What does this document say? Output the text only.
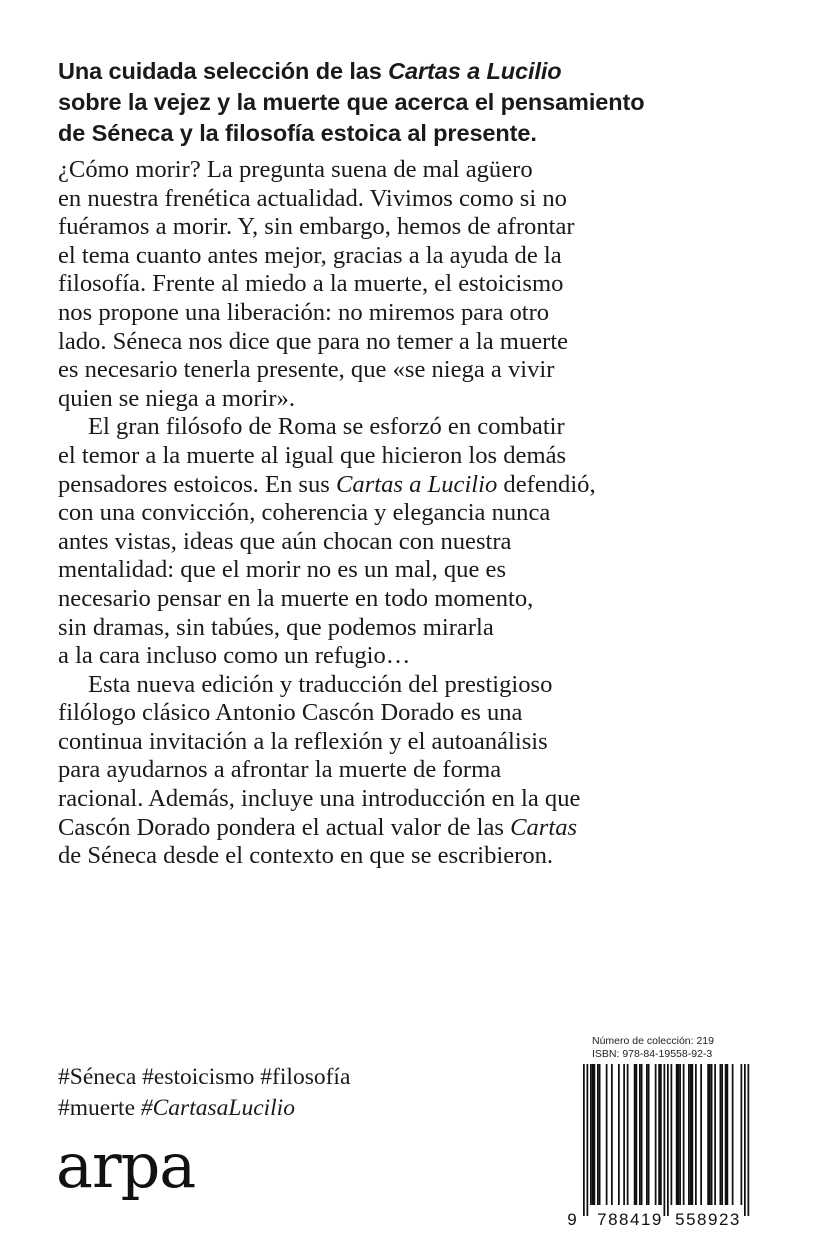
Una cuidada selección de las Cartas a Lucilio
sobre la vejez y la muerte que acerca el pensamiento
de Séneca y la filosofía estoica al presente.

¿Cómo morir? La pregunta suena de mal agüero
en nuestra frenética actualidad. Vivimos como si no
fuéramos a morir. Y, sin embargo, hemos de afrontar
el tema cuanto antes mejor, gracias a la ayuda de la
filosofía. Frente al miedo a la muerte, el estoicismo
nos propone una liberación: no miremos para otro
lado. Séneca nos dice que para no temer a la muerte
es necesario tenerla presente, que «se niega a vivir
quien se niega a morir».

El gran filósofo de Roma se esforzó en combatir
el temor a la muerte al igual que hicieron los demás
pensadores estoicos. En sus Cartas a Lucilio defendió,
con una convicción, coherencia y elegancia nunca
antes vistas, ideas que aún chocan con nuestra
mentalidad: que el morir no es un mal, que es
necesario pensar en la muerte en todo momento,
sin dramas, sin tabúes, que podemos mirarla
a la cara incluso como un refugio…

Esta nueva edición y traducción del prestigioso
filólogo clásico Antonio Cascón Dorado es una
continua invitación a la reflexión y el autoanálisis
para ayudarnos a afrontar la muerte de forma
racional. Además, incluye una introducción en la que
Cascón Dorado pondera el actual valor de las Cartas
de Séneca desde el contexto en que se escribieron.

#Séneca #estoicismo #filosofía
#muerte #CartasaLucilio
arpa
Número de colección: 219
ISBN: 978-84-19558-92-3
9 788419 558923
